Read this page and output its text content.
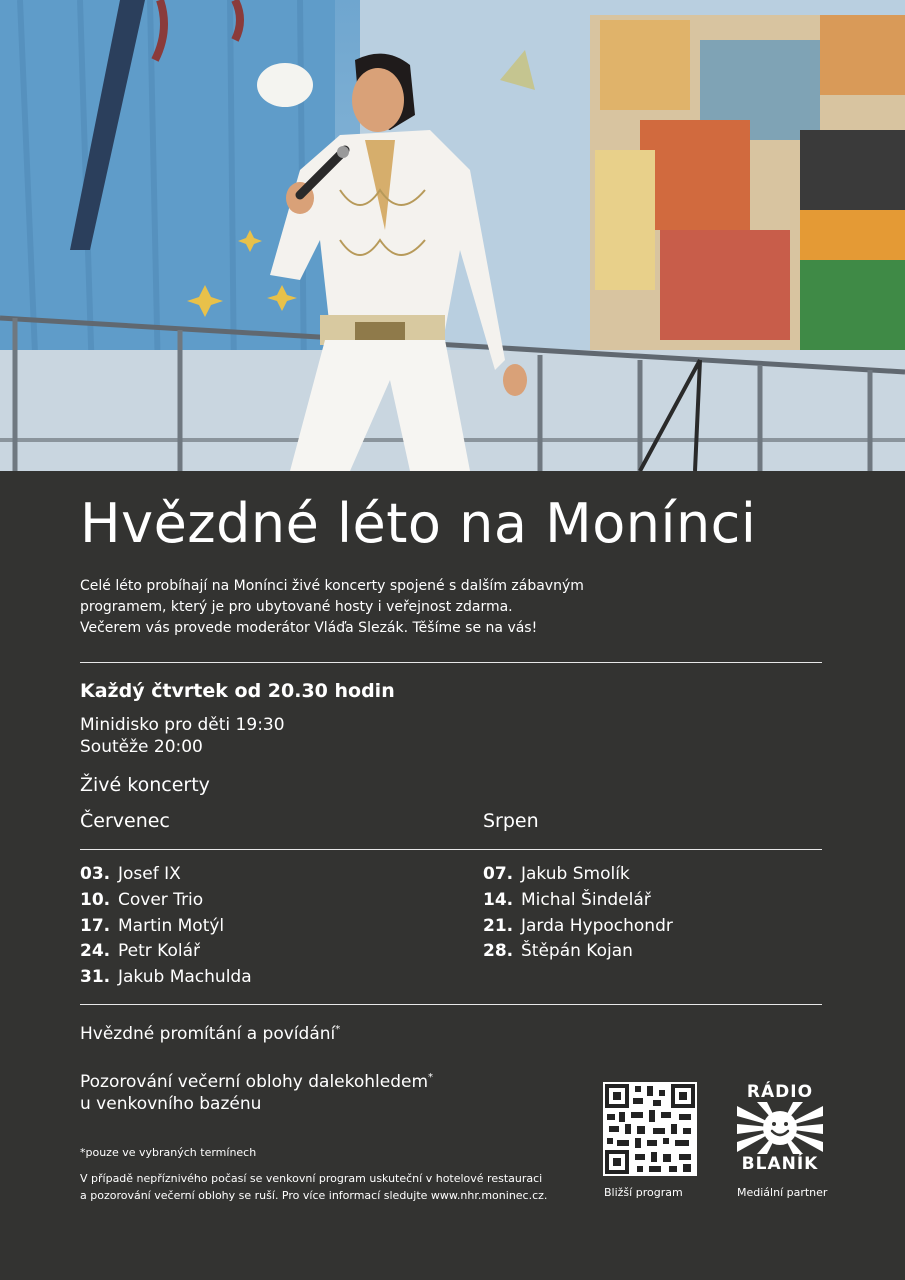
Hvězdné léto na Monínci

Celé léto probíhají na Monínci živé koncerty spojené s dalším zábavným

programem, který je pro ubytované hosty i veřejnost zdarma.

Večerem vás provede moderátor Vláďa Slezák. Těšíme se na vás!

Každý čtvrtek od 20.30 hodin
Minidisko pro děti 19:30
Soutěže 20:00
Živé koncerty
Červenec	Srpen
03. Josef IX
10. Cover Trio
17. Martin Motýl
24. Petr Kolář
31. Jakub Machulda
07. Jakub Smolík
14. Michal Šindelář
21. Jarda Hypochondr
28. Štěpán Kojan
Hvězdné promítání a povídání*
Pozorování večerní oblohy dalekohledem*
u venkovního bazénu
*pouze ve vybraných termínech
V případě nepříznivého počasí se venkovní program uskuteční v hotelové restauraci
a pozorování večerní oblohy se ruší. Pro více informací sledujte www.nhr.moninec.cz.	Bližší program
RÁDIO
BLANÍK
Mediální partner
